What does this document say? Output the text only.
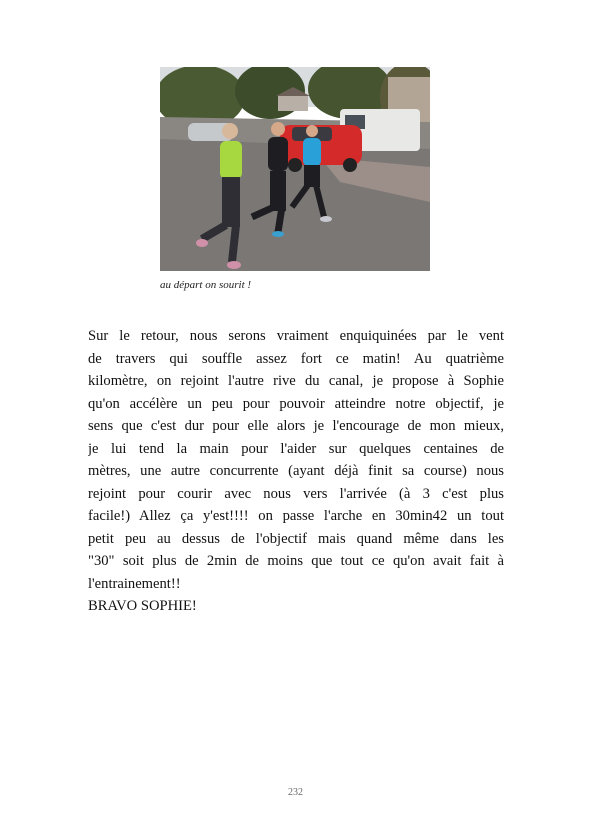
au départ on sourit !
Sur le retour, nous serons vraiment enquiquinées par le vent
de travers qui souffle assez fort ce matin! Au quatrième
kilomètre, on rejoint l'autre rive du canal, je propose à Sophie
qu'on accélère un peu pour pouvoir atteindre notre objectif, je
sens que c'est dur pour elle alors je l'encourage de mon mieux,
je lui tend la main pour l'aider sur quelques centaines de
mètres, une autre concurrente (ayant déjà finit sa course) nous
rejoint pour courir avec nous vers l'arrivée (à 3 c'est plus
facile!) Allez ça y'est!!!! on passe l'arche en 30min42 un tout
petit peu au dessus de l'objectif mais quand même dans les
"30" soit plus de 2min de moins que tout ce qu'on avait fait à
l'entrainement!!
BRAVO SOPHIE!
232
